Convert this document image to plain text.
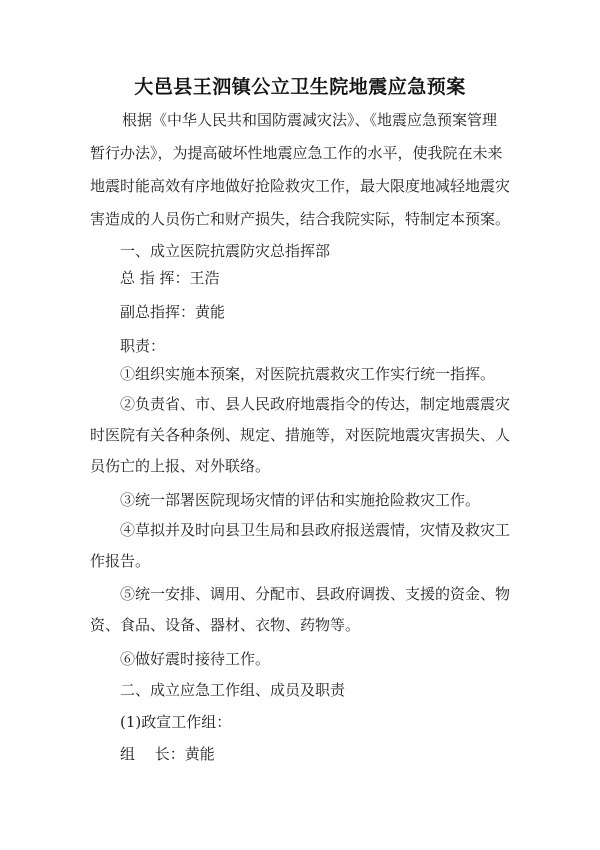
大邑县王泗镇公立卫生院地震应急预案
根据《中华人民共和国防震减灾法》、《地震应急预案管理
暂行办法》，为提高破坏性地震应急工作的水平，使我院在未来
地震时能高效有序地做好抢险救灾工作，最大限度地减轻地震灾
害造成的人员伤亡和财产损失，结合我院实际，特制定本预案。
一、成立医院抗震防灾总指挥部
总 指 挥：王浩
副总指挥：黄能
职责：
①组织实施本预案，对医院抗震救灾工作实行统一指挥。
②负责省、市、县人民政府地震指令的传达，制定地震震灾
时医院有关各种条例、规定、措施等，对医院地震灾害损失、人
员伤亡的上报、对外联络。
③统一部署医院现场灾情的评估和实施抢险救灾工作。
④草拟并及时向县卫生局和县政府报送震情，灾情及救灾工
作报告。
⑤统一安排、调用、分配市、县政府调拨、支援的资金、物
资、食品、设备、器材、衣物、药物等。
⑥做好震时接待工作。
二、成立应急工作组、成员及职责
(1)政宣工作组：
组　 长：黄能
